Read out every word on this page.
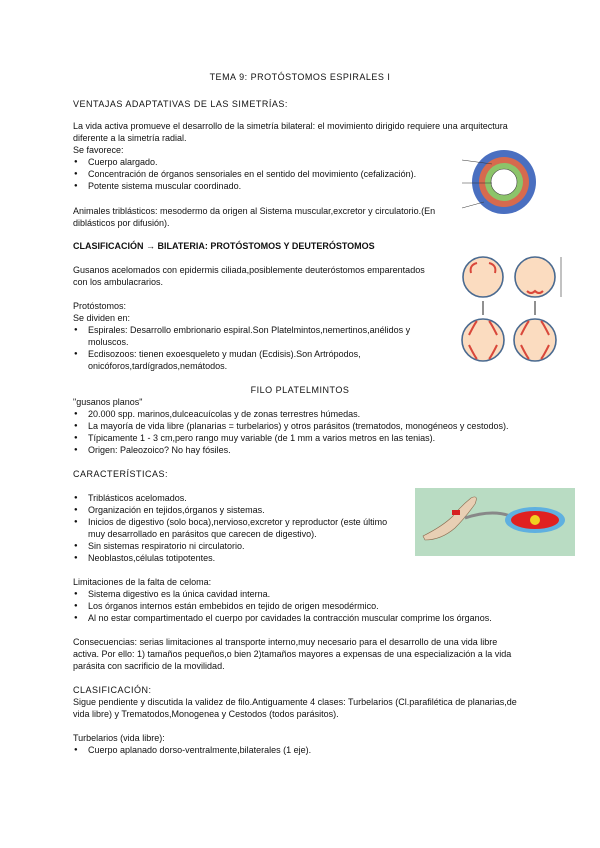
TEMA 9: PROTÓSTOMOS ESPIRALES I
VENTAJAS ADAPTATIVAS DE LAS SIMETRÍAS:
La vida activa promueve el desarrollo de la simetría bilateral: el movimiento dirigido requiere una arquitectura
diferente a la simetría radial.
Se favorece:
● Cuerpo alargado.
● Concentración de órganos sensoriales en el sentido del movimiento (cefalización).
● Potente sistema muscular coordinado.
Animales triblásticos: mesodermo da origen al Sistema muscular,excretor y circulatorio.(En
diblásticos por difusión).
CLASIFICACIÓN → BILATERIA: PROTÓSTOMOS Y DEUTERÓSTOMOS
Gusanos acelomados con epidermis ciliada,posiblemente deuteróstomos emparentados
con los ambulacrarios.
Protóstomos:
Se dividen en:
● Espirales: Desarrollo embrionario espiral.Son Platelmintos,nemertinos,anélidos y
moluscos.
● Ecdisozoos: tienen exoesqueleto y mudan (Ecdisis).Son Artrópodos,
onicóforos,tardígrados,nemátodos.
FILO PLATELMINTOS
"gusanos planos"
● 20.000 spp. marinos,dulceacuícolas y de zonas terrestres húmedas.
● La mayoría de vida libre (planarias = turbelarios) y otros parásitos (trematodos, monogéneos y cestodos).
● Típicamente 1 - 3 cm,pero rango muy variable (de 1 mm a varios metros en las tenias).
● Origen: Paleozoico? No hay fósiles.
CARACTERÍSTICAS:
● Triblásticos acelomados.
● Organización en tejidos,órganos y sistemas.
● Inicios de digestivo (solo boca),nervioso,excretor y reproductor (este último
muy desarrollado en parásitos que carecen de digestivo).
● Sin sistemas respiratorio ni circulatorio.
● Neoblastos,células totipotentes.
Limitaciones de la falta de celoma:
● Sistema digestivo es la única cavidad interna.
● Los órganos internos están embebidos en tejido de origen mesodérmico.
● Al no estar compartimentado el cuerpo por cavidades la contracción muscular comprime los órganos.
Consecuencias: serias limitaciones al transporte interno,muy necesario para el desarrollo de una vida libre
activa. Por ello: 1) tamaños pequeños,o bien 2)tamaños mayores a expensas de una especialización a la vida
parásita con sacrificio de la movilidad.
CLASIFICACIÓN:
Sigue pendiente y discutida la validez de filo.Antiguamente 4 clases: Turbelarios (Cl.parafilética de planarias,de
vida libre) y Trematodos,Monogenea y Cestodos (todos parásitos).
Turbelarios (vida libre):
● Cuerpo aplanado dorso-ventralmente,bilaterales (1 eje).
